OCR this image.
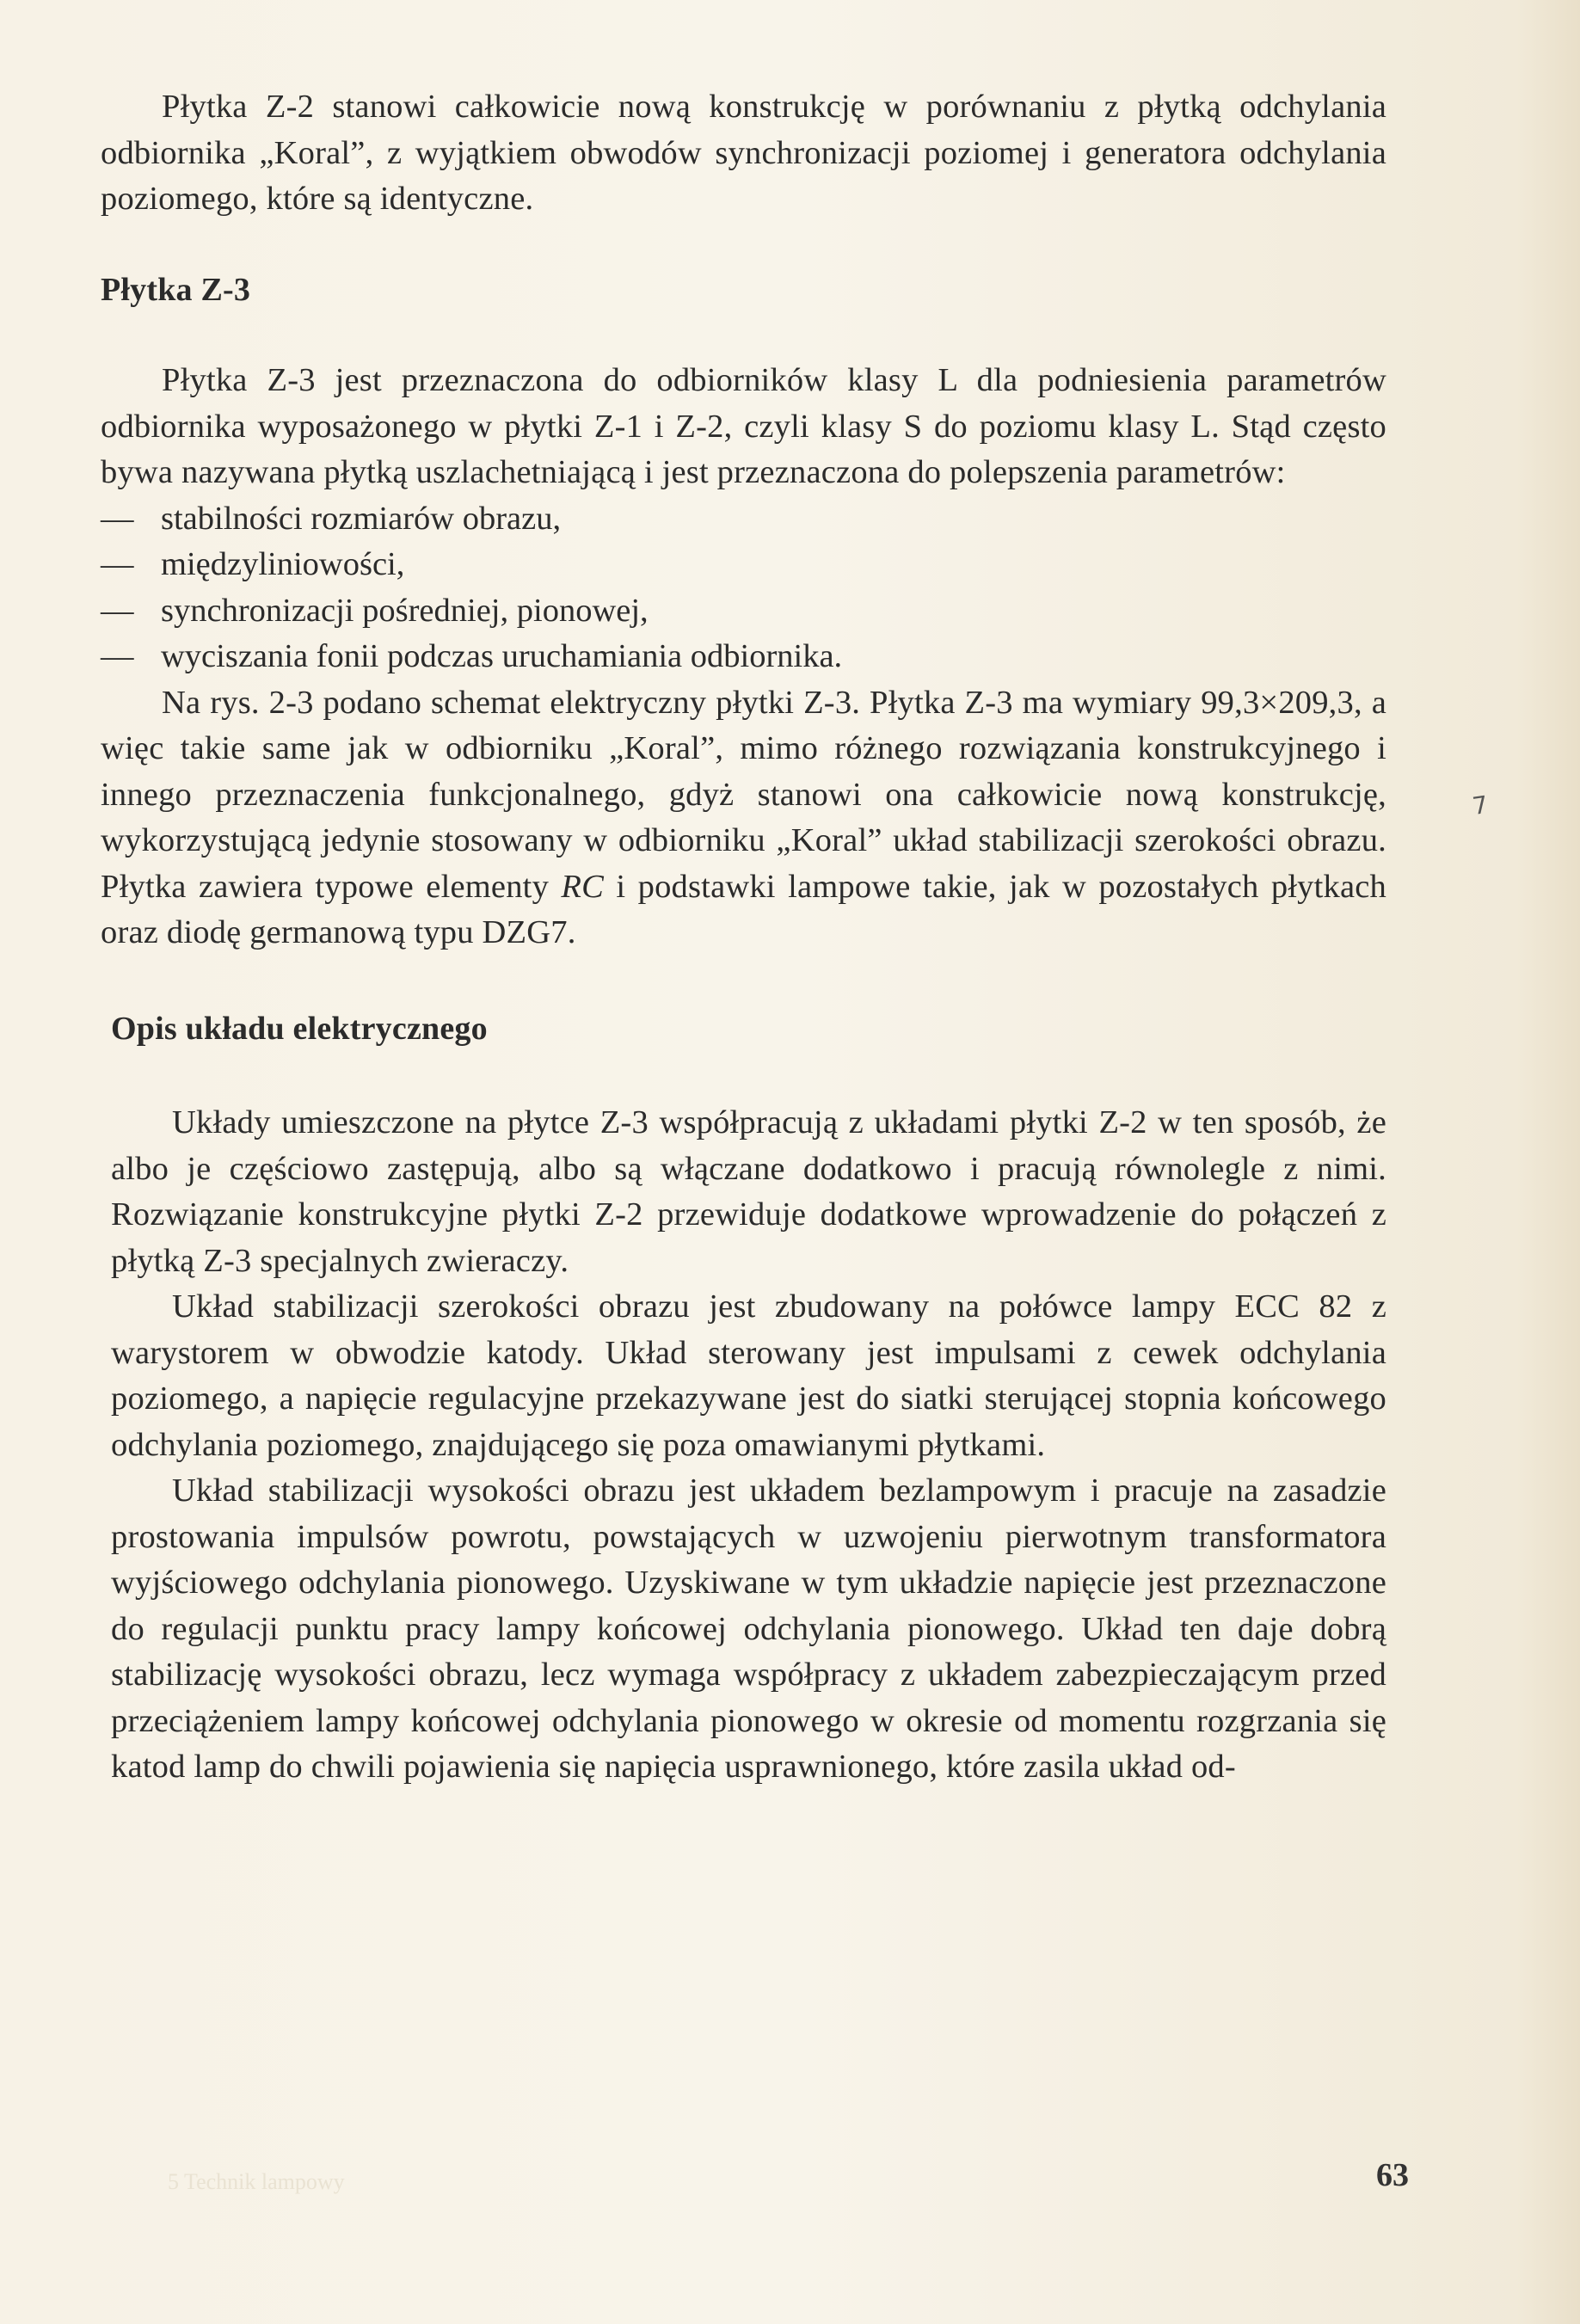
5 Technik lampowy

Płytka Z-2 stanowi całkowicie nową konstrukcję w porównaniu z płytką odchylania odbiornika „Koral”, z wyjątkiem obwodów synchronizacji poziomej i generatora odchylania poziomego, które są identyczne.

Płytka Z-3

Płytka Z-3 jest przeznaczona do odbiorników klasy L dla podniesienia parametrów odbiornika wyposażonego w płytki Z-1 i Z-2, czyli klasy S do poziomu klasy L. Stąd często bywa nazywana płytką uszlachetniającą i jest przeznaczona do polepszenia parametrów:

— stabilności rozmiarów obrazu,
— międzyliniowości,
— synchronizacji pośredniej, pionowej,
— wyciszania fonii podczas uruchamiania odbiornika.

Na rys. 2-3 podano schemat elektryczny płytki Z-3. Płytka Z-3 ma wymiary 99,3×209,3, a więc takie same jak w odbiorniku „Koral”, mimo różnego rozwiązania konstrukcyjnego i innego przeznaczenia funkcjonalnego, gdyż stanowi ona całkowicie nową konstrukcję, wykorzystującą jedynie stosowany w odbiorniku „Koral” układ stabilizacji szerokości obrazu. Płytka zawiera typowe elementy RC i podstawki lampowe takie, jak w pozostałych płytkach oraz diodę germanową typu DZG7.

Opis układu elektrycznego

Układy umieszczone na płytce Z-3 współpracują z układami płytki Z-2 w ten sposób, że albo je częściowo zastępują, albo są włączane dodatkowo i pracują równolegle z nimi. Rozwiązanie konstrukcyjne płytki Z-2 przewiduje dodatkowe wprowadzenie do połączeń z płytką Z-3 specjalnych zwieraczy.

Układ stabilizacji szerokości obrazu jest zbudowany na połówce lampy ECC 82 z warystorem w obwodzie katody. Układ sterowany jest impulsami z cewek odchylania poziomego, a napięcie regulacyjne przekazywane jest do siatki sterującej stopnia końcowego odchylania poziomego, znajdującego się poza omawianymi płytkami.

Układ stabilizacji wysokości obrazu jest układem bezlampowym i pracuje na zasadzie prostowania impulsów powrotu, powstających w uzwojeniu pierwotnym transformatora wyjściowego odchylania pionowego. Uzyskiwane w tym układzie napięcie jest przeznaczone do regulacji punktu pracy lampy końcowej odchylania pionowego. Układ ten daje dobrą stabilizację wysokości obrazu, lecz wymaga współpracy z układem zabezpieczającym przed przeciążeniem lampy końcowej odchylania pionowego w okresie od momentu rozgrzania się katod lamp do chwili pojawienia się napięcia usprawnionego, które zasila układ od-

7
63
